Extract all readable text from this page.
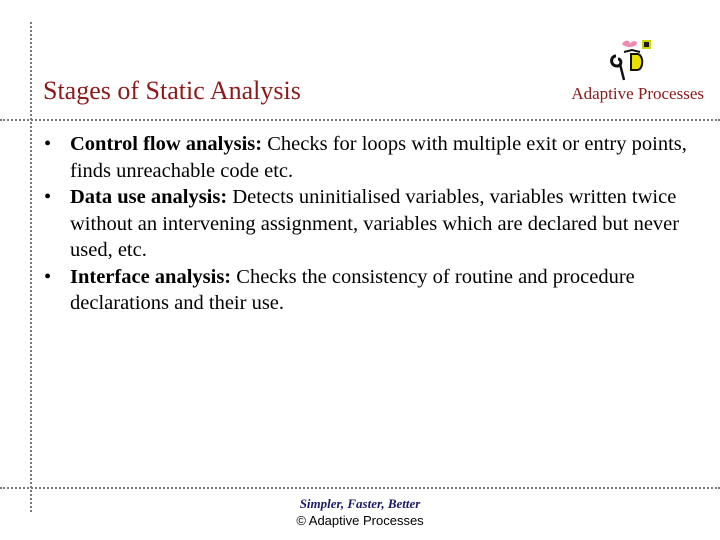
Stages of Static Analysis	Adaptive Processes
• Control flow analysis: Checks for loops with multiple exit or entry points, finds unreachable code etc.
• Data use analysis: Detects uninitialised variables, variables written twice without an intervening assignment, variables which are declared but never used, etc.
• Interface analysis: Checks the consistency of routine and procedure declarations and their use.
Simpler, Faster, Better
© Adaptive Processes
